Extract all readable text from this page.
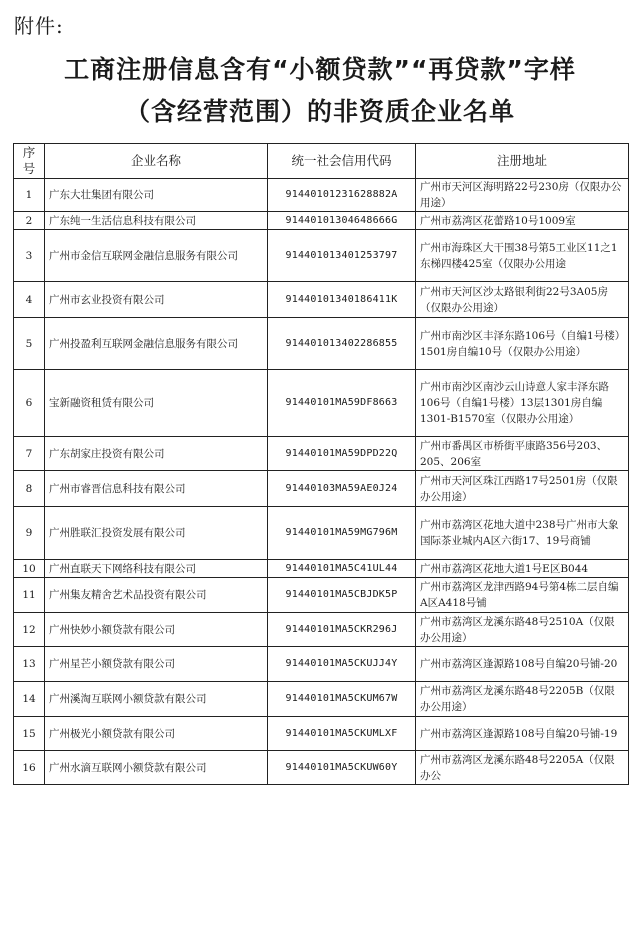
附件:
工商注册信息含有“小额贷款”“再贷款”字样
（含经营范围）的非资质企业名单
序号	企业名称	统一社会信用代码	注册地址
1	广东大壮集团有限公司	91440101231628882A	广州市天河区海明路22号230房（仅限办公用途）
2	广东纯一生活信息科技有限公司	91440101304648666G	广州市荔湾区花蕾路10号1009室
3	广州市金信互联网金融信息服务有限公司	914401013401253797	广州市海珠区大干围38号第5工业区11之1东梯四楼425室（仅限办公用途
4	广州市玄业投资有限公司	91440101340186411K	广州市天河区沙太路银利街22号3A05房（仅限办公用途）
5	广州投盈利互联网金融信息服务有限公司	914401013402286855	广州市南沙区丰泽东路106号（自编1号楼）1501房自编10号（仅限办公用途）
6	宝新融资租赁有限公司	91440101MA59DF8663	广州市南沙区南沙云山诗意人家丰泽东路106号（自编1号楼）13层1301房自编1301-B1570室（仅限办公用途）
7	广东胡家庄投资有限公司	91440101MA59DPD22Q	广州市番禺区市桥街平康路356号203、205、206室
8	广州市睿晋信息科技有限公司	91440103MA59AE0J24	广州市天河区珠江西路17号2501房（仅限办公用途）
9	广州胜联汇投资发展有限公司	91440101MA59MG796M	广州市荔湾区花地大道中238号广州市大象国际茶业城内A区六街17、19号商铺
10	广州直联天下网络科技有限公司	91440101MA5C41UL44	广州市荔湾区花地大道1号E区B044
11	广州集友精舍艺术品投资有限公司	91440101MA5CBJDK5P	广州市荔湾区龙津西路94号第4栋二层自编A区A418号铺
12	广州快妙小额贷款有限公司	91440101MA5CKR296J	广州市荔湾区龙溪东路48号2510A（仅限办公用途）
13	广州星芒小额贷款有限公司	91440101MA5CKUJJ4Y	广州市荔湾区逢源路108号自编20号铺-20
14	广州溪淘互联网小额贷款有限公司	91440101MA5CKUM67W	广州市荔湾区龙溪东路48号2205B（仅限办公用途）
15	广州极光小额贷款有限公司	91440101MA5CKUMLXF	广州市荔湾区逢源路108号自编20号铺-19
16	广州水滴互联网小额贷款有限公司	91440101MA5CKUW60Y	广州市荔湾区龙溪东路48号2205A（仅限办公
